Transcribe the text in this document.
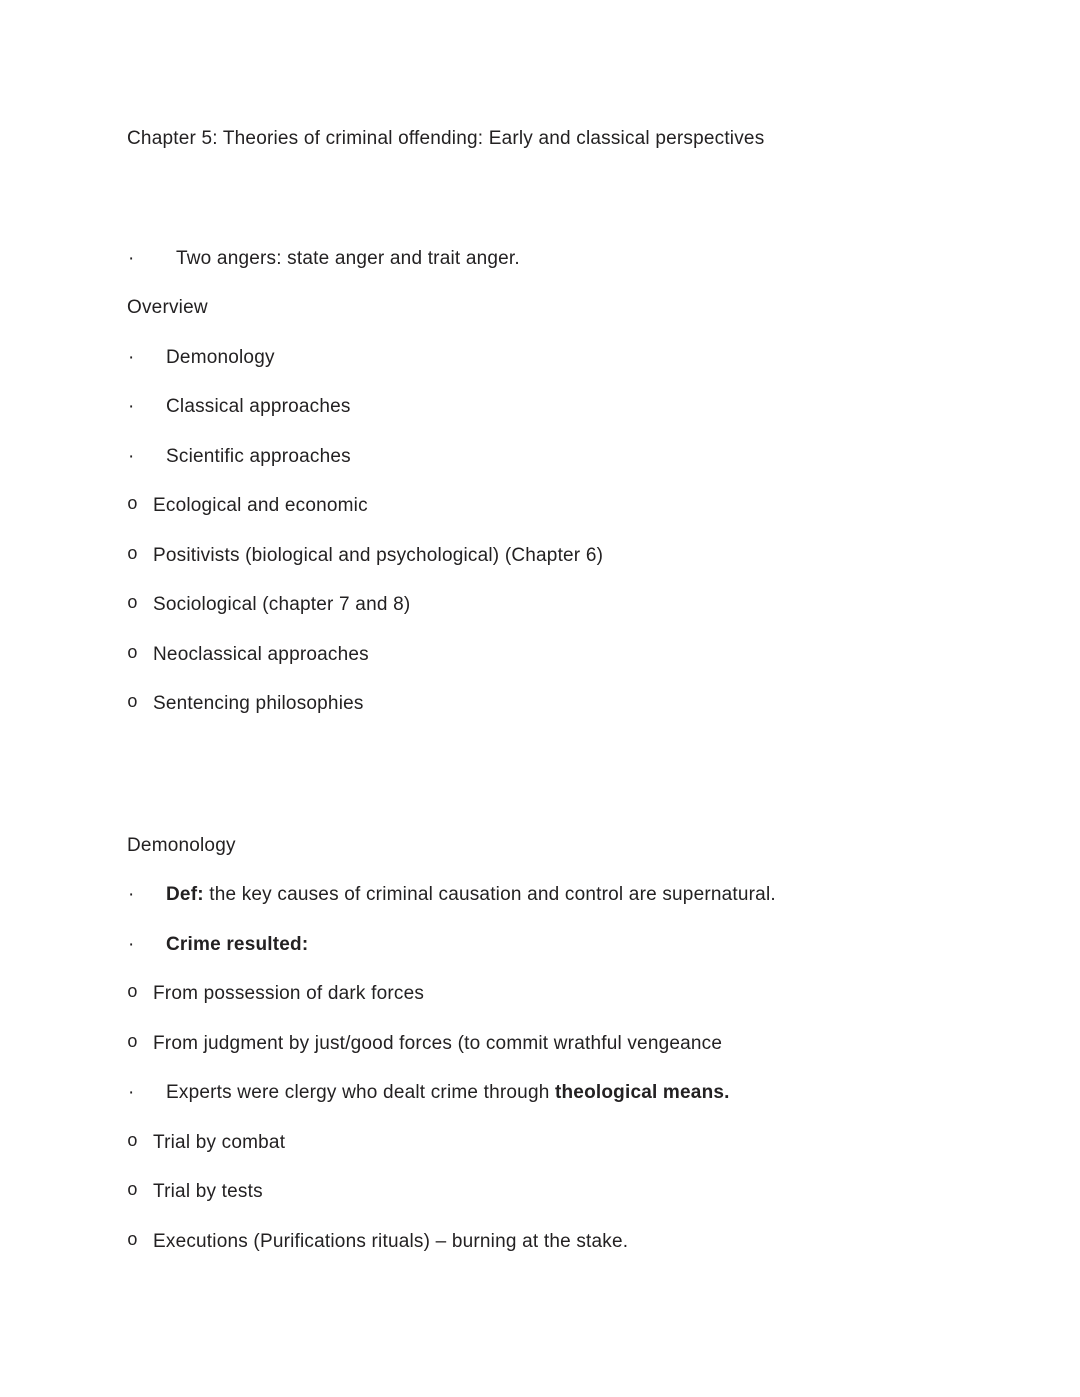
Chapter 5: Theories of criminal offending: Early and classical perspectives

· Two angers: state anger and trait anger.

Overview

· Demonology

· Classical approaches

· Scientific approaches

o Ecological and economic

o Positivists (biological and psychological) (Chapter 6)

o Sociological (chapter 7 and 8)

o Neoclassical approaches

o Sentencing philosophies

Demonology

· Def: the key causes of criminal causation and control are supernatural.

· Crime resulted:

o From possession of dark forces

o From judgment by just/good forces (to commit wrathful vengeance

· Experts were clergy who dealt crime through theological means.

o Trial by combat

o Trial by tests

o Executions (Purifications rituals) – burning at the stake.
